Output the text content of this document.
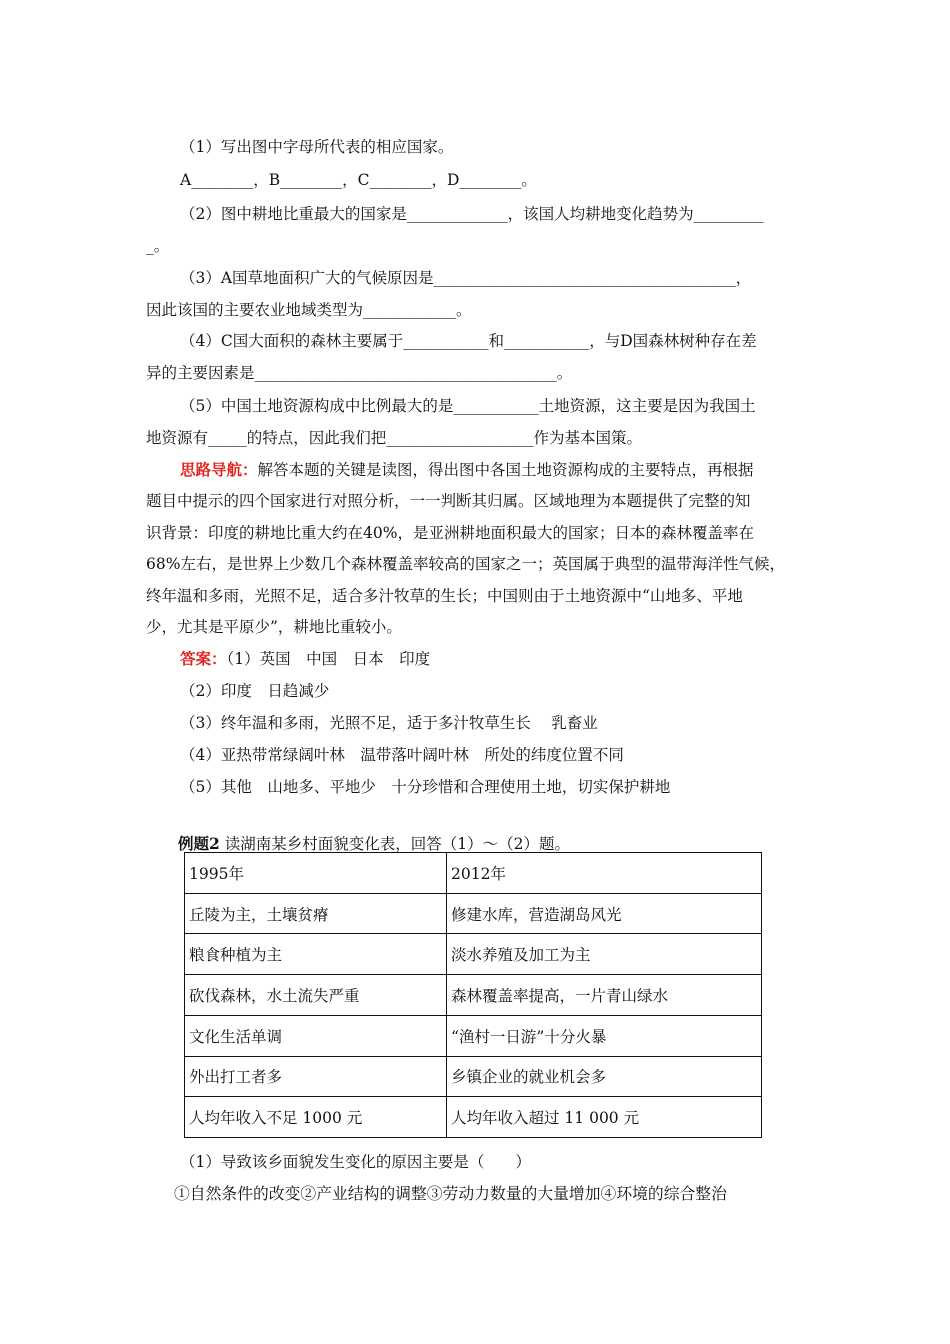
（1）写出图中字母所代表的相应国家。
A________，B________，C________，D________。
（2）图中耕地比重最大的国家是_____________，该国人均耕地变化趋势为_________
_。
（3）A国草地面积广大的气候原因是_______________________________________，
因此该国的主要农业地域类型为____________。
（4）C国大面积的森林主要属于___________和___________，与D国森林树种存在差
异的主要因素是_______________________________________。
（5）中国土地资源构成中比例最大的是___________土地资源，这主要是因为我国土
地资源有_____的特点，因此我们把___________________作为基本国策。
思路导航：解答本题的关键是读图，得出图中各国土地资源构成的主要特点，再根据
题目中提示的四个国家进行对照分析，一一判断其归属。区域地理为本题提供了完整的知
识背景：印度的耕地比重大约在40%，是亚洲耕地面积最大的国家；日本的森林覆盖率在
68%左右，是世界上少数几个森林覆盖率较高的国家之一；英国属于典型的温带海洋性气候，
终年温和多雨，光照不足，适合多汁牧草的生长；中国则由于土地资源中“山地多、平地
少，尤其是平原少”，耕地比重较小。
答案：（1）英国　中国　日本　印度
（2）印度　日趋减少
（3）终年温和多雨，光照不足，适于多汁牧草生长　 乳畜业
（4）亚热带常绿阔叶林　温带落叶阔叶林　所处的纬度位置不同
（5）其他　山地多、平地少　十分珍惜和合理使用土地，切实保护耕地
例题2 读湖南某乡村面貌变化表，回答（1）～（2）题。
1995年	2012年
丘陵为主，土壤贫瘠	修建水库，营造湖岛风光
粮食种植为主	淡水养殖及加工为主
砍伐森林，水土流失严重	森林覆盖率提高，一片青山绿水
文化生活单调	“渔村一日游”十分火暴
外出打工者多	乡镇企业的就业机会多
人均年收入不足 1000 元	人均年收入超过 11 000 元
（1）导致该乡面貌发生变化的原因主要是（　　）
①自然条件的改变②产业结构的调整③劳动力数量的大量增加④环境的综合整治
